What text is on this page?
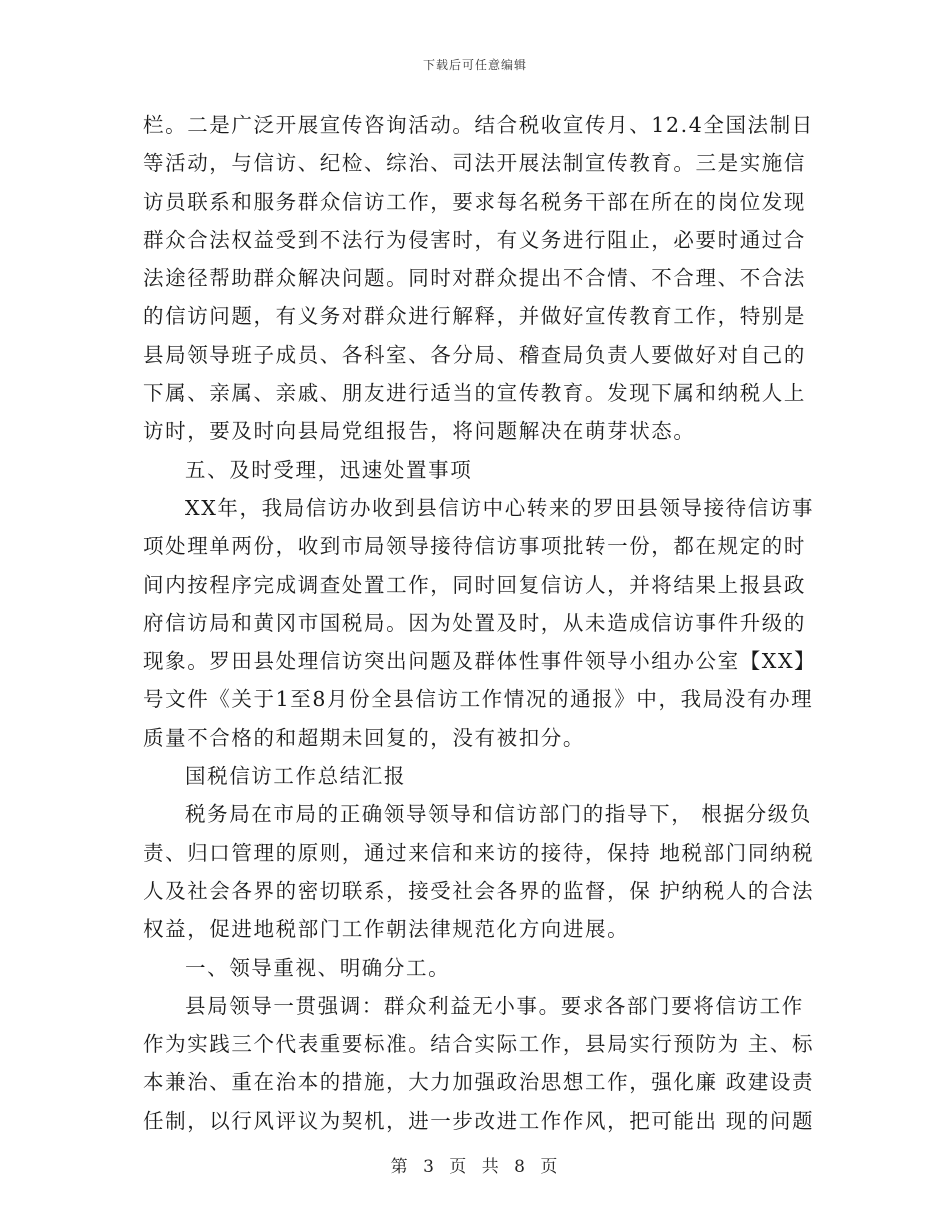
下载后可任意编辑
栏。二是广泛开展宣传咨询活动。结合税收宣传月、12.4全国法制日
等活动，与信访、纪检、综治、司法开展法制宣传教育。三是实施信
访员联系和服务群众信访工作，要求每名税务干部在所在的岗位发现
群众合法权益受到不法行为侵害时，有义务进行阻止，必要时通过合
法途径帮助群众解决问题。同时对群众提出不合情、不合理、不合法
的信访问题，有义务对群众进行解释，并做好宣传教育工作，特别是
县局领导班子成员、各科室、各分局、稽查局负责人要做好对自己的
下属、亲属、亲戚、朋友进行适当的宣传教育。发现下属和纳税人上
访时，要及时向县局党组报告，将问题解决在萌芽状态。
五、及时受理，迅速处置事项
XX年，我局信访办收到县信访中心转来的罗田县领导接待信访事
项处理单两份，收到市局领导接待信访事项批转一份，都在规定的时
间内按程序完成调查处置工作，同时回复信访人，并将结果上报县政
府信访局和黄冈市国税局。因为处置及时，从未造成信访事件升级的
现象。罗田县处理信访突出问题及群体性事件领导小组办公室【XX】
号文件《关于1至8月份全县信访工作情况的通报》中，我局没有办理
质量不合格的和超期未回复的，没有被扣分。
国税信访工作总结汇报
税务局在市局的正确领导领导和信访部门的指导下， 根据分级负
责、归口管理的原则，通过来信和来访的接待，保持 地税部门同纳税
人及社会各界的密切联系，接受社会各界的监督，保 护纳税人的合法
权益，促进地税部门工作朝法律规范化方向进展。
一、领导重视、明确分工。
县局领导一贯强调：群众利益无小事。要求各部门要将信访工作
作为实践三个代表重要标准。结合实际工作，县局实行预防为 主、标
本兼治、重在治本的措施，大力加强政治思想工作，强化廉 政建设责
任制，以行风评议为契机，进一步改进工作作风，把可能出 现的问题
第 3 页 共 8 页
